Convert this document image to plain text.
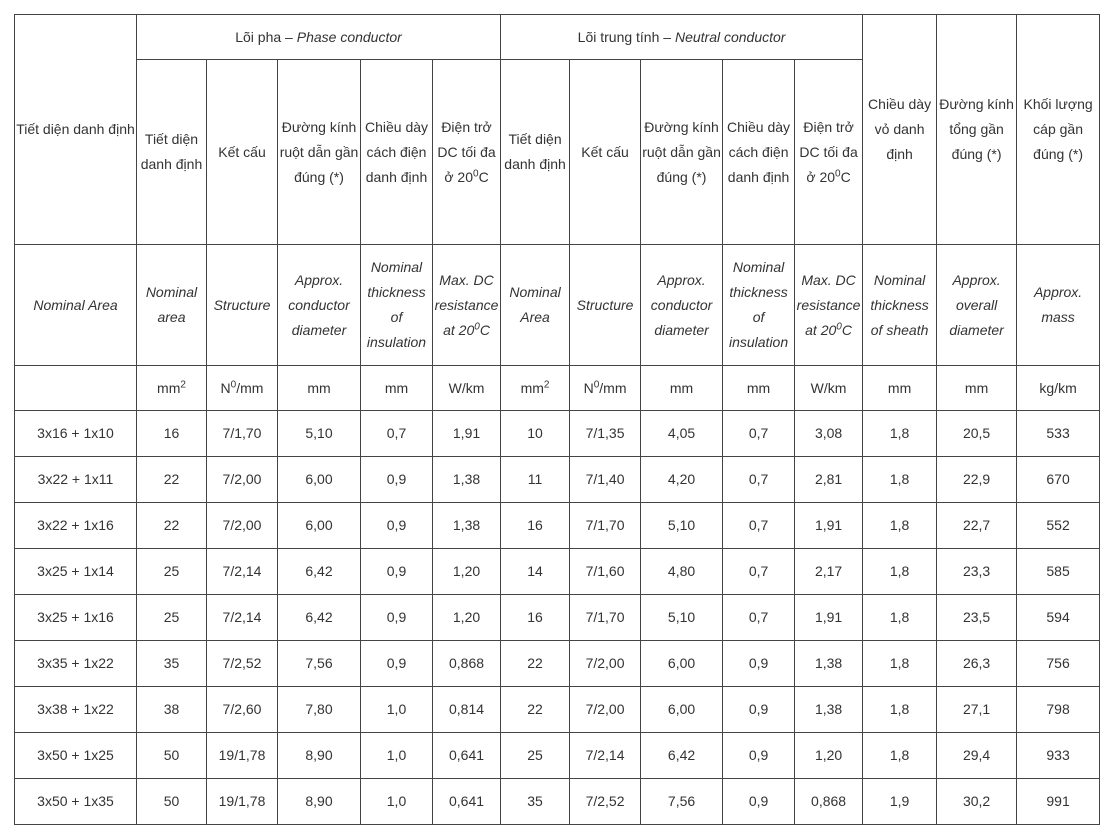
Tiết diện danh định	Lõi pha – Phase conductor					Lõi trung tính – Neutral conductor					Chiều dày vỏ danh định	Đường kính tổng gần đúng (*)	Khối lượng cáp gần đúng (*)
	Tiết diện danh định	Kết cấu	Đường kính ruột dẫn gần đúng (*)	Chiều dày cách điện danh định	Điện trở DC tối đa ở $20^0C$	Tiết diện danh định	Kết cấu	Đường kính ruột dẫn gần đúng (*)	Chiều dày cách điện danh định	Điện trở DC tối đa ở $20^0C$			
Nominal Area	Nominal area	Structure	Approx. conductor diameter	Nominal thickness of insulation	Max. DC resistance at $20^0C$	Nominal Area	Structure	Approx. conductor diameter	Nominal thickness of insulation	Max. DC resistance at $20^0C$	Nominal thickness of sheath	Approx. overall diameter	Approx. mass
	$mm^2$	$N^0/mm$	mm	mm	W/km	$mm^2$	$N^0/mm$	mm	mm	W/km	mm	mm	kg/km
3x16 + 1x10	16	7/1,70	5,10	0,7	1,91	10	7/1,35	4,05	0,7	3,08	1,8	20,5	533
3x22 + 1x11	22	7/2,00	6,00	0,9	1,38	11	7/1,40	4,20	0,7	2,81	1,8	22,9	670
3x22 + 1x16	22	7/2,00	6,00	0,9	1,38	16	7/1,70	5,10	0,7	1,91	1,8	22,7	552
3x25 + 1x14	25	7/2,14	6,42	0,9	1,20	14	7/1,60	4,80	0,7	2,17	1,8	23,3	585
3x25 + 1x16	25	7/2,14	6,42	0,9	1,20	16	7/1,70	5,10	0,7	1,91	1,8	23,5	594
3x35 + 1x22	35	7/2,52	7,56	0,9	0,868	22	7/2,00	6,00	0,9	1,38	1,8	26,3	756
3x38 + 1x22	38	7/2,60	7,80	1,0	0,814	22	7/2,00	6,00	0,9	1,38	1,8	27,1	798
3x50 + 1x25	50	19/1,78	8,90	1,0	0,641	25	7/2,14	6,42	0,9	1,20	1,8	29,4	933
3x50 + 1x35	50	19/1,78	8,90	1,0	0,641	35	7/2,52	7,56	0,9	0,868	1,9	30,2	991
